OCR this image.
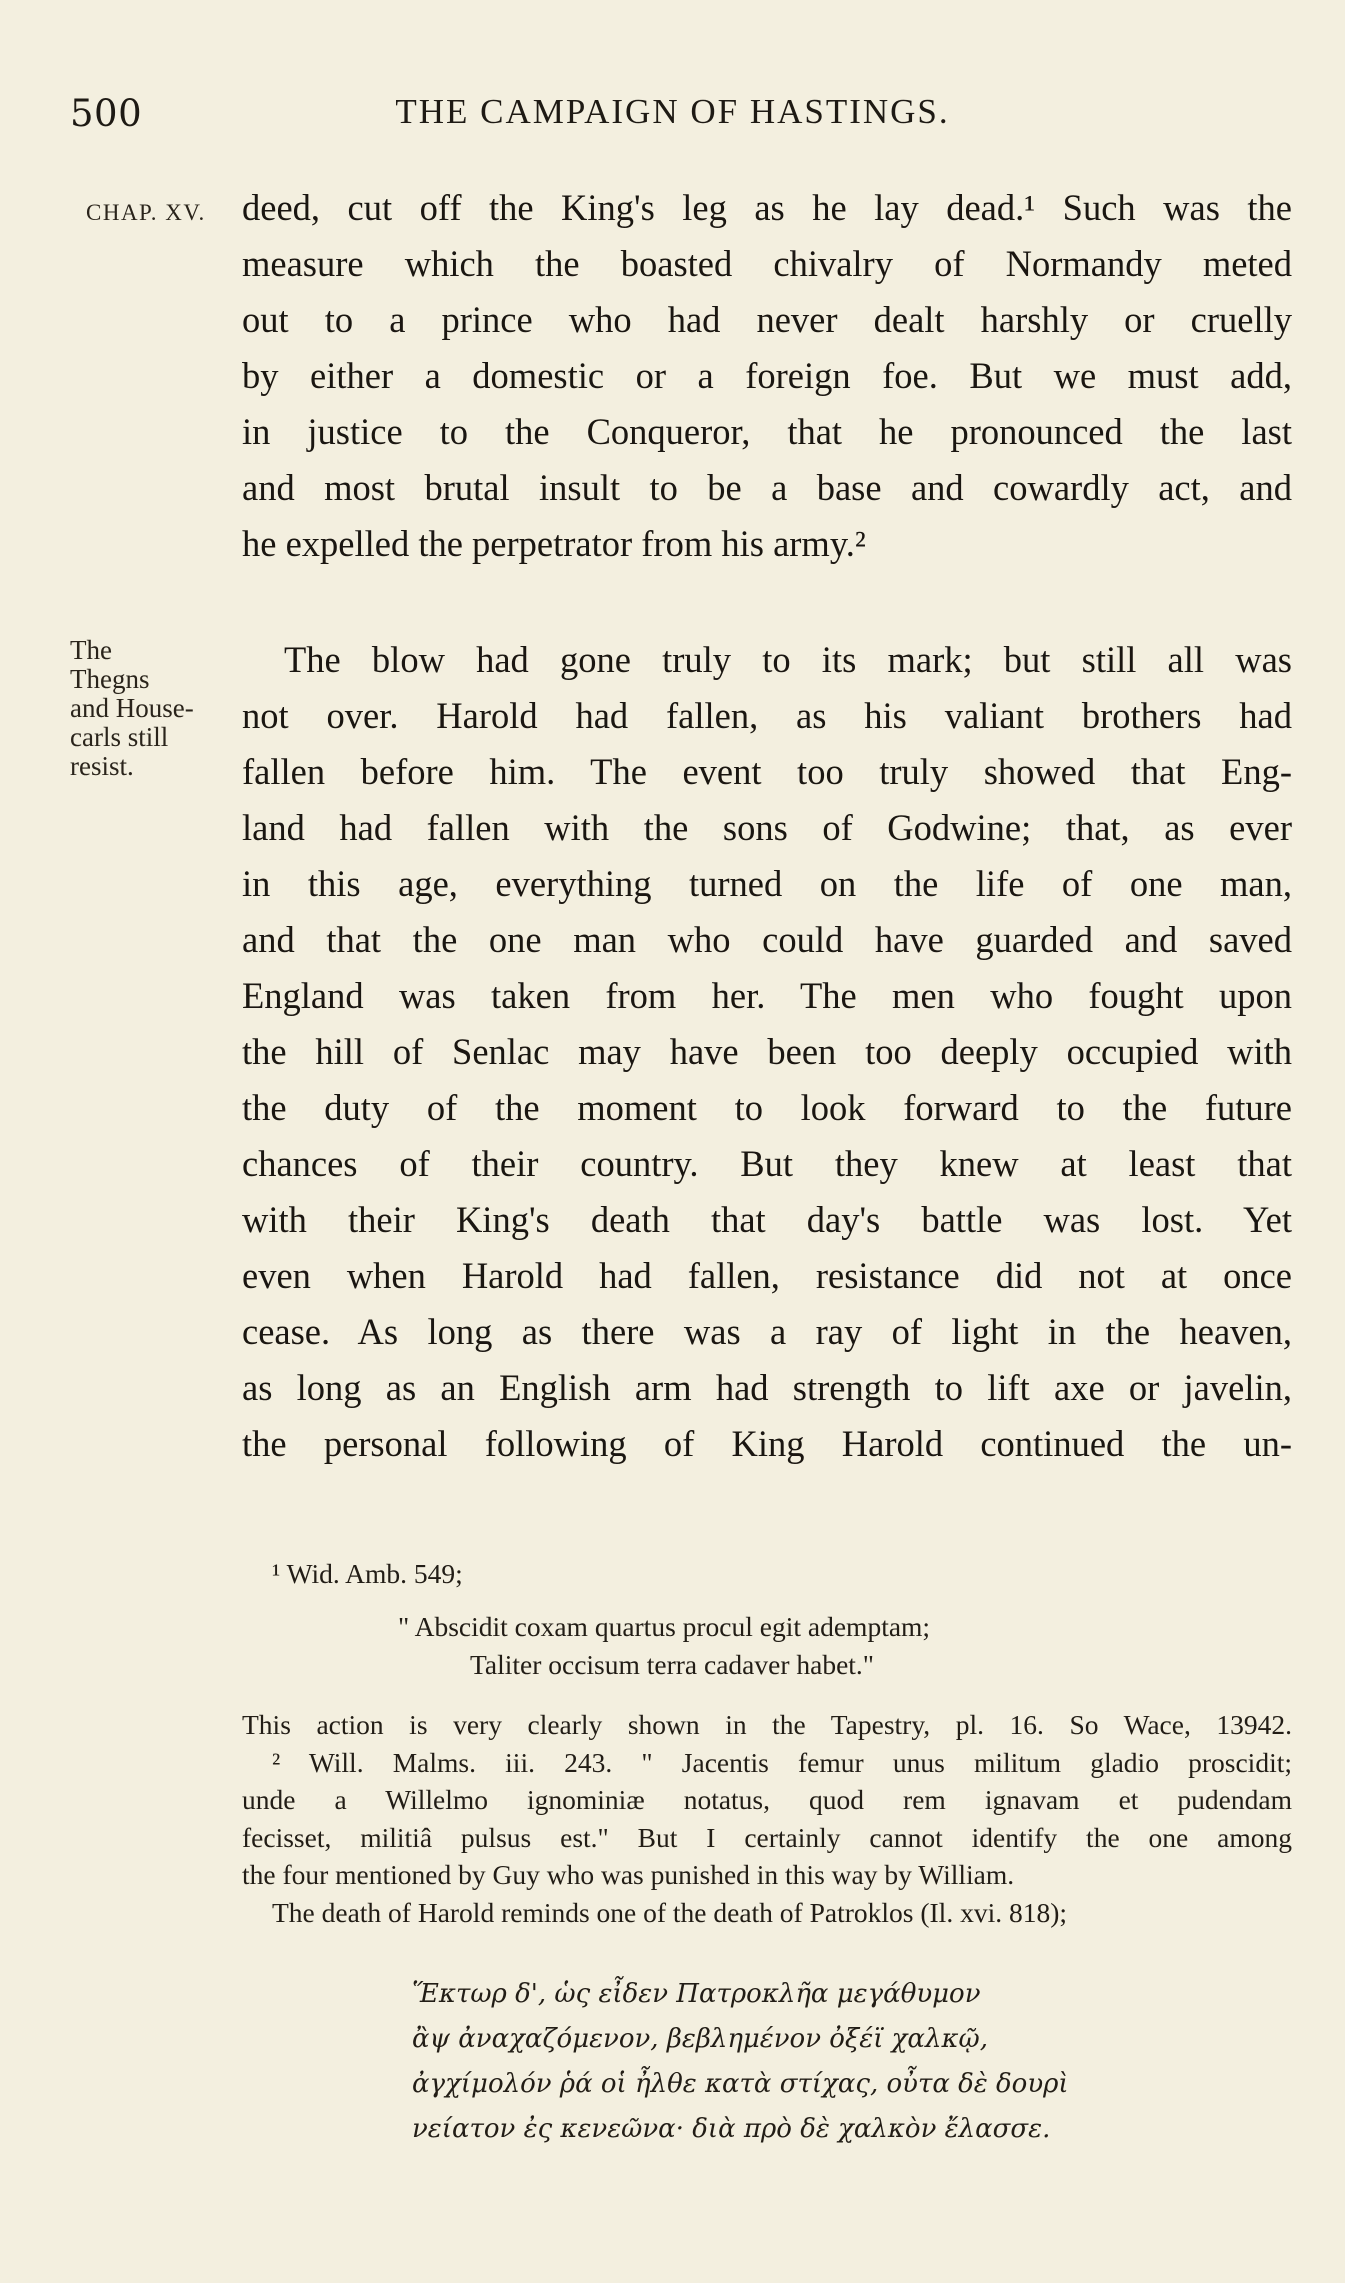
500	THE CAMPAIGN OF HASTINGS.
CHAP. XV.
The
Thegns
and House-
carls still
resist.
deed, cut off the King's leg as he lay dead.¹ Such was the
measure which the boasted chivalry of Normandy meted
out to a prince who had never dealt harshly or cruelly
by either a domestic or a foreign foe. But we must add,
in justice to the Conqueror, that he pronounced the last
and most brutal insult to be a base and cowardly act, and
he expelled the perpetrator from his army.²
The blow had gone truly to its mark; but still all was
not over. Harold had fallen, as his valiant brothers had
fallen before him. The event too truly showed that Eng-
land had fallen with the sons of Godwine; that, as ever
in this age, everything turned on the life of one man,
and that the one man who could have guarded and saved
England was taken from her. The men who fought upon
the hill of Senlac may have been too deeply occupied with
the duty of the moment to look forward to the future
chances of their country. But they knew at least that
with their King's death that day's battle was lost. Yet
even when Harold had fallen, resistance did not at once
cease. As long as there was a ray of light in the heaven,
as long as an English arm had strength to lift axe or javelin,
the personal following of King Harold continued the un-
¹ Wid. Amb. 549;
" Abscidit coxam quartus procul egit ademptam;
Taliter occisum terra cadaver habet."
This action is very clearly shown in the Tapestry, pl. 16. So Wace, 13942.
² Will. Malms. iii. 243. " Jacentis femur unus militum gladio proscidit;
unde a Willelmo ignominiæ notatus, quod rem ignavam et pudendam
fecisset, militiâ pulsus est." But I certainly cannot identify the one among
the four mentioned by Guy who was punished in this way by William.
The death of Harold reminds one of the death of Patroklos (Il. xvi. 818);
Ἕκτωρ δ', ὡς εἶδεν Πατροκλῆα μεγάθυμον
ἂψ ἀναχαζόμενον, βεβλημένον ὀξέϊ χαλκῷ,
ἀγχίμολόν ῥά οἱ ἦλθε κατὰ στίχας, οὖτα δὲ δουρὶ
νείατον ἐς κενεῶνα· διὰ πρὸ δὲ χαλκὸν ἔλασσε.
